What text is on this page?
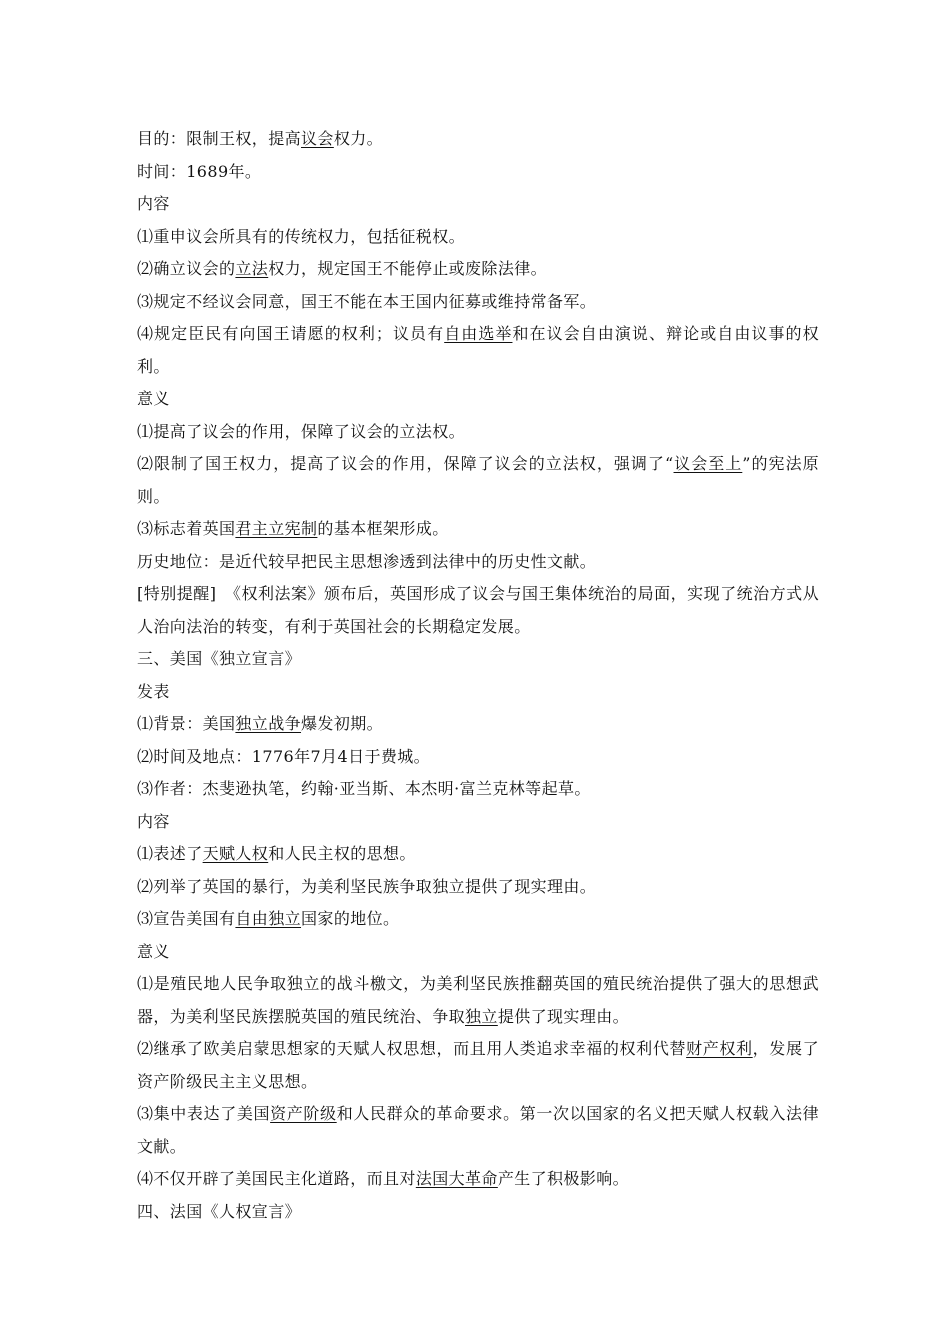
目的：限制王权，提高议会权力。

时间：1689年。

内容

⑴重申议会所具有的传统权力，包括征税权。

⑵确立议会的立法权力，规定国王不能停止或废除法律。

⑶规定不经议会同意，国王不能在本王国内征募或维持常备军。

⑷规定臣民有向国王请愿的权利；议员有自由选举和在议会自由演说、辩论或自由议事的权利。

意义

⑴提高了议会的作用，保障了议会的立法权。

⑵限制了国王权力，提高了议会的作用，保障了议会的立法权，强调了“议会至上”的宪法原则。

⑶标志着英国君主立宪制的基本框架形成。

历史地位：是近代较早把民主思想渗透到法律中的历史性文献。

[特别提醒]　《权利法案》颁布后，英国形成了议会与国王集体统治的局面，实现了统治方式从人治向法治的转变，有利于英国社会的长期稳定发展。

三、美国《独立宣言》

发表

⑴背景：美国独立战争爆发初期。

⑵时间及地点：1776年7月4日于费城。

⑶作者：杰斐逊执笔，约翰·亚当斯、本杰明·富兰克林等起草。

内容

⑴表述了天赋人权和人民主权的思想。

⑵列举了英国的暴行，为美利坚民族争取独立提供了现实理由。

⑶宣告美国有自由独立国家的地位。

意义

⑴是殖民地人民争取独立的战斗檄文，为美利坚民族推翻英国的殖民统治提供了强大的思想武器，为美利坚民族摆脱英国的殖民统治、争取独立提供了现实理由。

⑵继承了欧美启蒙思想家的天赋人权思想，而且用人类追求幸福的权利代替财产权利，发展了资产阶级民主主义思想。

⑶集中表达了美国资产阶级和人民群众的革命要求。第一次以国家的名义把天赋人权载入法律文献。

⑷不仅开辟了美国民主化道路，而且对法国大革命产生了积极影响。

四、法国《人权宣言》
